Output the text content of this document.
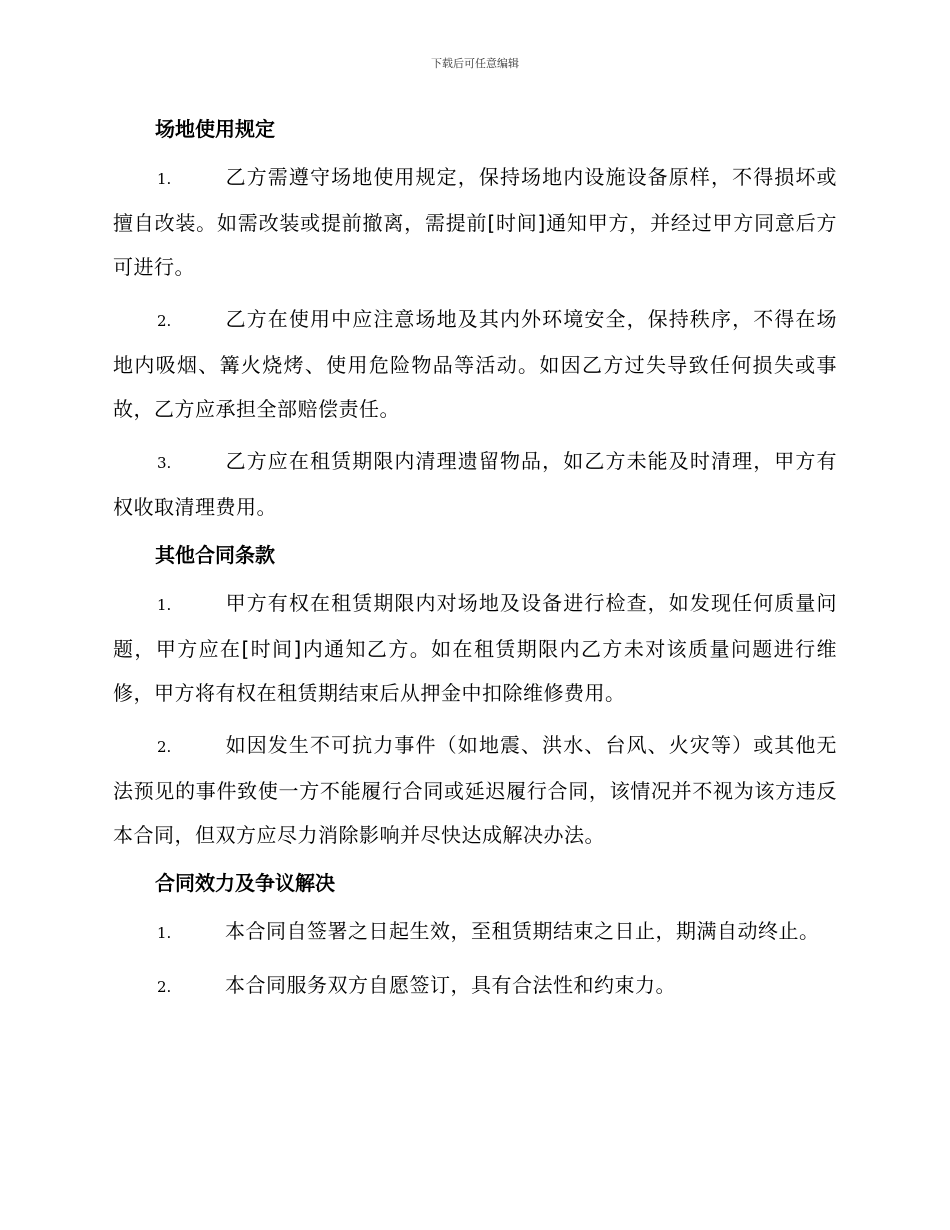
下载后可任意编辑
场地使用规定

1.	乙方需遵守场地使用规定，保持场地内设施设备原样，不得损坏或擅自改装。如需改装或提前撤离，需提前[时间]通知甲方，并经过甲方同意后方可进行。

2.	乙方在使用中应注意场地及其内外环境安全，保持秩序，不得在场地内吸烟、篝火烧烤、使用危险物品等活动。如因乙方过失导致任何损失或事故，乙方应承担全部赔偿责任。

3.	乙方应在租赁期限内清理遗留物品，如乙方未能及时清理，甲方有权收取清理费用。

其他合同条款

1.	甲方有权在租赁期限内对场地及设备进行检查，如发现任何质量问题，甲方应在[时间]内通知乙方。如在租赁期限内乙方未对该质量问题进行维修，甲方将有权在租赁期结束后从押金中扣除维修费用。

2.	如因发生不可抗力事件（如地震、洪水、台风、火灾等）或其他无法预见的事件致使一方不能履行合同或延迟履行合同，该情况并不视为该方违反本合同，但双方应尽力消除影响并尽快达成解决办法。

合同效力及争议解决

1.	本合同自签署之日起生效，至租赁期结束之日止，期满自动终止。

2.	本合同服务双方自愿签订，具有合法性和约束力。
